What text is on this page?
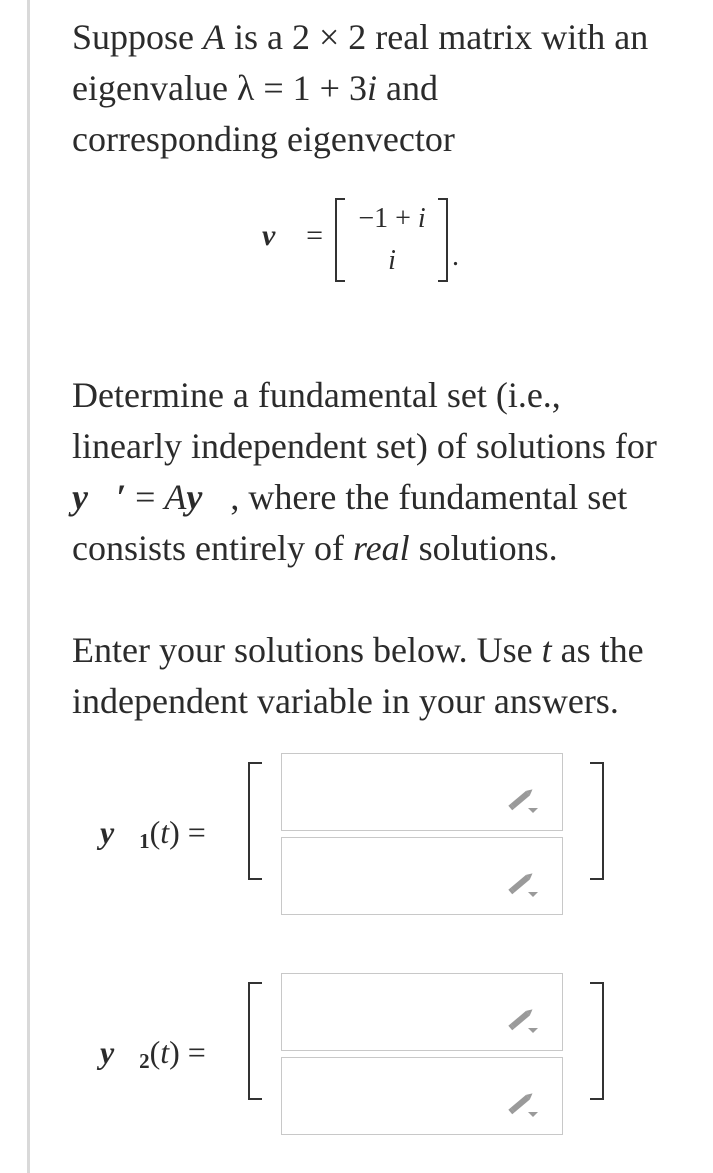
Suppose A is a 2 × 2 real matrix with an
eigenvalue λ = 1 + 3i and
corresponding eigenvector

v⃗ =
−1 + i
i	.

Determine a fundamental set (i.e.,
linearly independent set) of solutions for
y⃗′ = Ay⃗, where the fundamental set
consists entirely of real solutions.

Enter your solutions below. Use t as the
independent variable in your answers.

$y⃗_1(t)$ =
$y⃗_2(t)$ =
